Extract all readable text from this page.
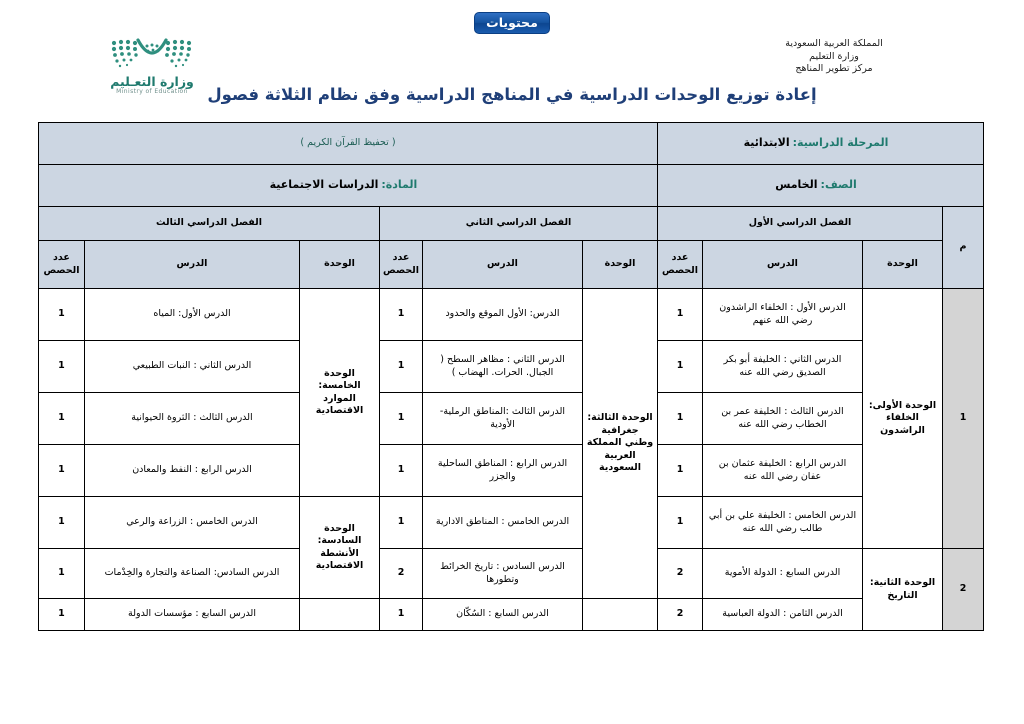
محتويات
المملكة العربية السعودية
وزارة التعليم
مركز تطوير المناهج
وزارة التعـليم
Ministry of Education	إعادة توزيع الوحدات الدراسية في المناهج الدراسية وفق نظام الثلاثة فصول
المرحلة الدراسية: الابتدائية				( تحفيظ القرآن الكريم )					
الصف: الخامس				المادة: الدراسات الاجتماعية					
م	الفصل الدراسي الأول			الفصل الدراسي الثاني			الفصل الدراسي الثالث		
	الوحدة	الدرس	عدد الحصص	الوحدة	الدرس	عدد الحصص	الوحدة	الدرس	عدد الحصص
1	الوحدة الأولى: الخلفاء الراشدون	الدرس الأول : الخلفاء الراشدون رضي الله عنهم	1	الوحدة الثالثة: جغرافية وطني المملكة العربية السعودية	الدرس: الأول الموقع والحدود	1	الوحدة الخامسة: الموارد الاقتصادية	الدرس الأول: المياه	1
		الدرس الثاني : الخليفة أبو بكر الصديق رضي الله عنه	1		الدرس الثاني : مظاهر السطح ( الجبال. الحرات. الهضاب )	1		الدرس الثاني : النبات الطبيعي	1
		الدرس الثالث : الخليفة عمر بن الخطاب رضي الله عنه	1		الدرس الثالث :المناطق الرملية- الأودية	1		الدرس الثالث : الثروة الحيوانية	1
		الدرس الرابع : الخليفة عثمان بن عفان رضي الله عنه	1		الدرس الرابع : المناطق الساحلية والجزر	1		الدرس الرابع : النفط والمعادن	1
		الدرس الخامس : الخليفة علي بن أبي طالب رضي الله عنه	1		الدرس الخامس : المناطق الادارية	1	الوحدة السادسة: الأنشطة الاقتصادية	الدرس الخامس : الزراعة والرعي	1
2	الوحدة الثانية: التاريخ	الدرس السابع : الدولة الأموية	2		الدرس السادس : تاريخ الخرائط وتطورها	2		الدرس السادس: الصناعة والتجارة والخِدْمات	1
		الدرس الثامن : الدولة العباسية	2		الدرس السابع : السُكّان	1		الدرس السابع : مؤسسات الدولة	1
